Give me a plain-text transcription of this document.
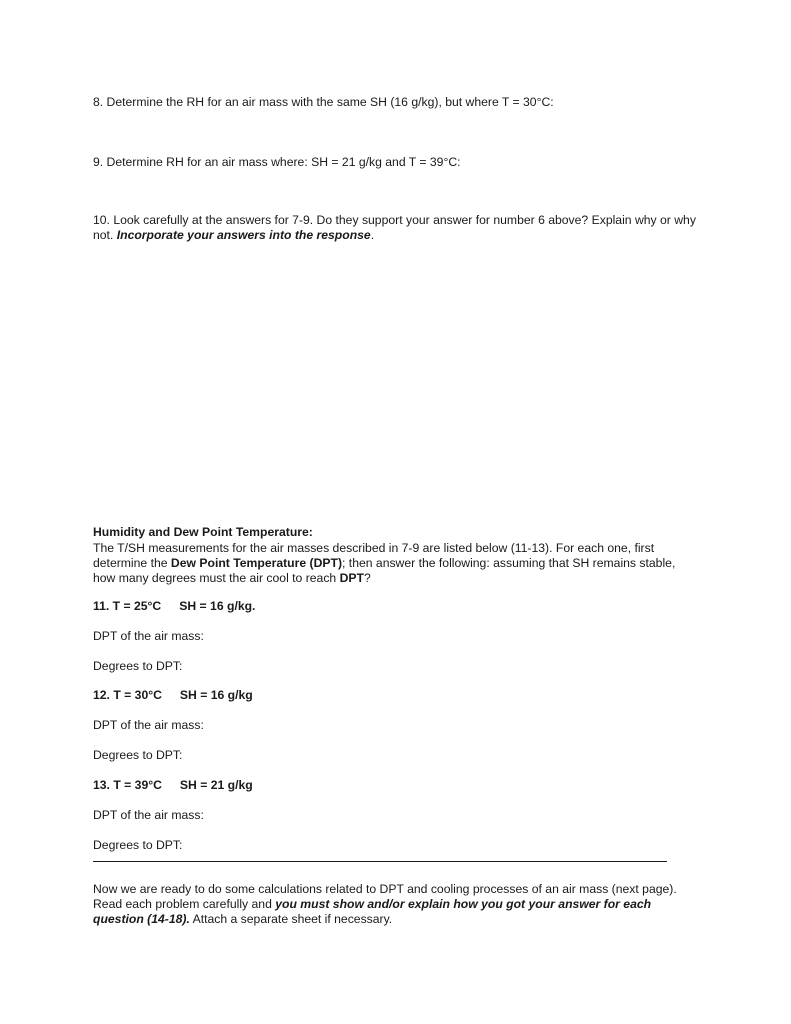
8. Determine the RH for an air mass with the same SH (16 g/kg), but where T = 30°C:

9. Determine RH for an air mass where: SH = 21 g/kg and T = 39°C:

10. Look carefully at the answers for 7-9. Do they support your answer for number 6 above? Explain why or why not. Incorporate your answers into the response.

Humidity and Dew Point Temperature:

The T/SH measurements for the air masses described in 7-9 are listed below (11-13). For each one, first determine the Dew Point Temperature (DPT); then answer the following: assuming that SH remains stable, how many degrees must the air cool to reach DPT?

11. T = 25°C SH = 16 g/kg.

DPT of the air mass:

Degrees to DPT:

12. T = 30°C SH = 16 g/kg

DPT of the air mass:

Degrees to DPT:

13. T = 39°C SH = 21 g/kg

DPT of the air mass:

Degrees to DPT:

Now we are ready to do some calculations related to DPT and cooling processes of an air mass (next page). Read each problem carefully and you must show and/or explain how you got your answer for each question (14-18). Attach a separate sheet if necessary.
